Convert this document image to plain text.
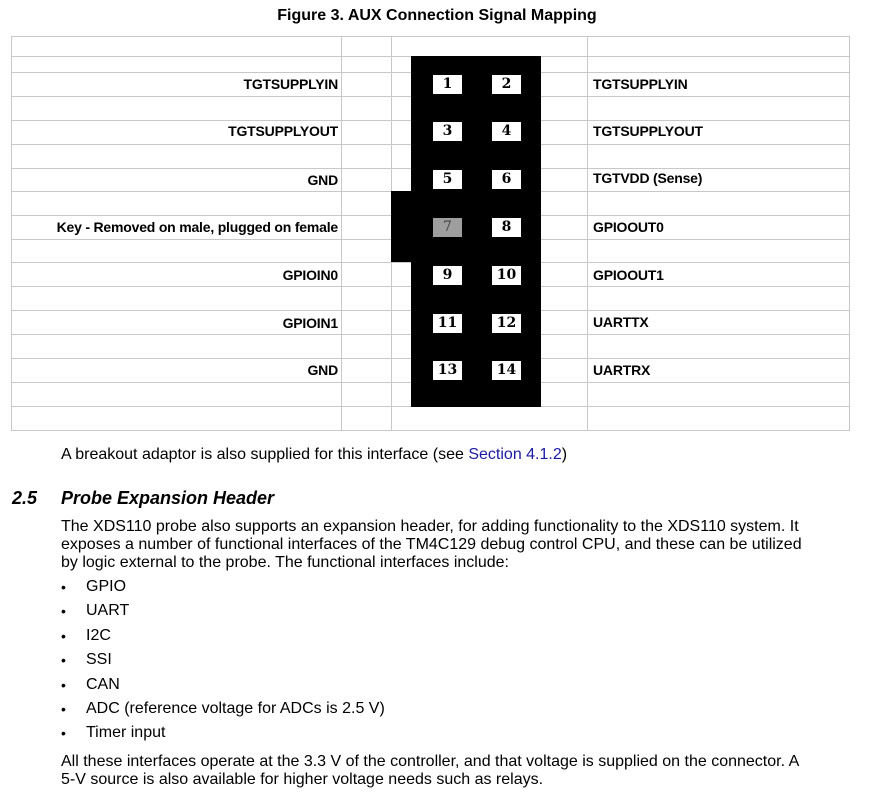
Figure 3. AUX Connection Signal Mapping
TGTSUPPLYIN
TGTSUPPLYOUT
GND
Key - Removed on male, plugged on female
GPIOIN0
GPIOIN1
GND
1
3
5
7
9
11
13
2
4
6
8
10
12
14
TGTSUPPLYIN
TGTSUPPLYOUT
TGTVDD (Sense)
GPIOOUT0
GPIOOUT1
UARTTX
UARTRX
A breakout adaptor is also supplied for this interface (see Section 4.1.2)
2.5 Probe Expansion Header
The XDS110 probe also supports an expansion header, for adding functionality to the XDS110 system. It
exposes a number of functional interfaces of the TM4C129 debug control CPU, and these can be utilized
by logic external to the probe. The functional interfaces include:
• GPIO
• UART
• I2C
• SSI
• CAN
• ADC (reference voltage for ADCs is 2.5 V)
• Timer input
All these interfaces operate at the 3.3 V of the controller, and that voltage is supplied on the connector. A
5-V source is also available for higher voltage needs such as relays.
